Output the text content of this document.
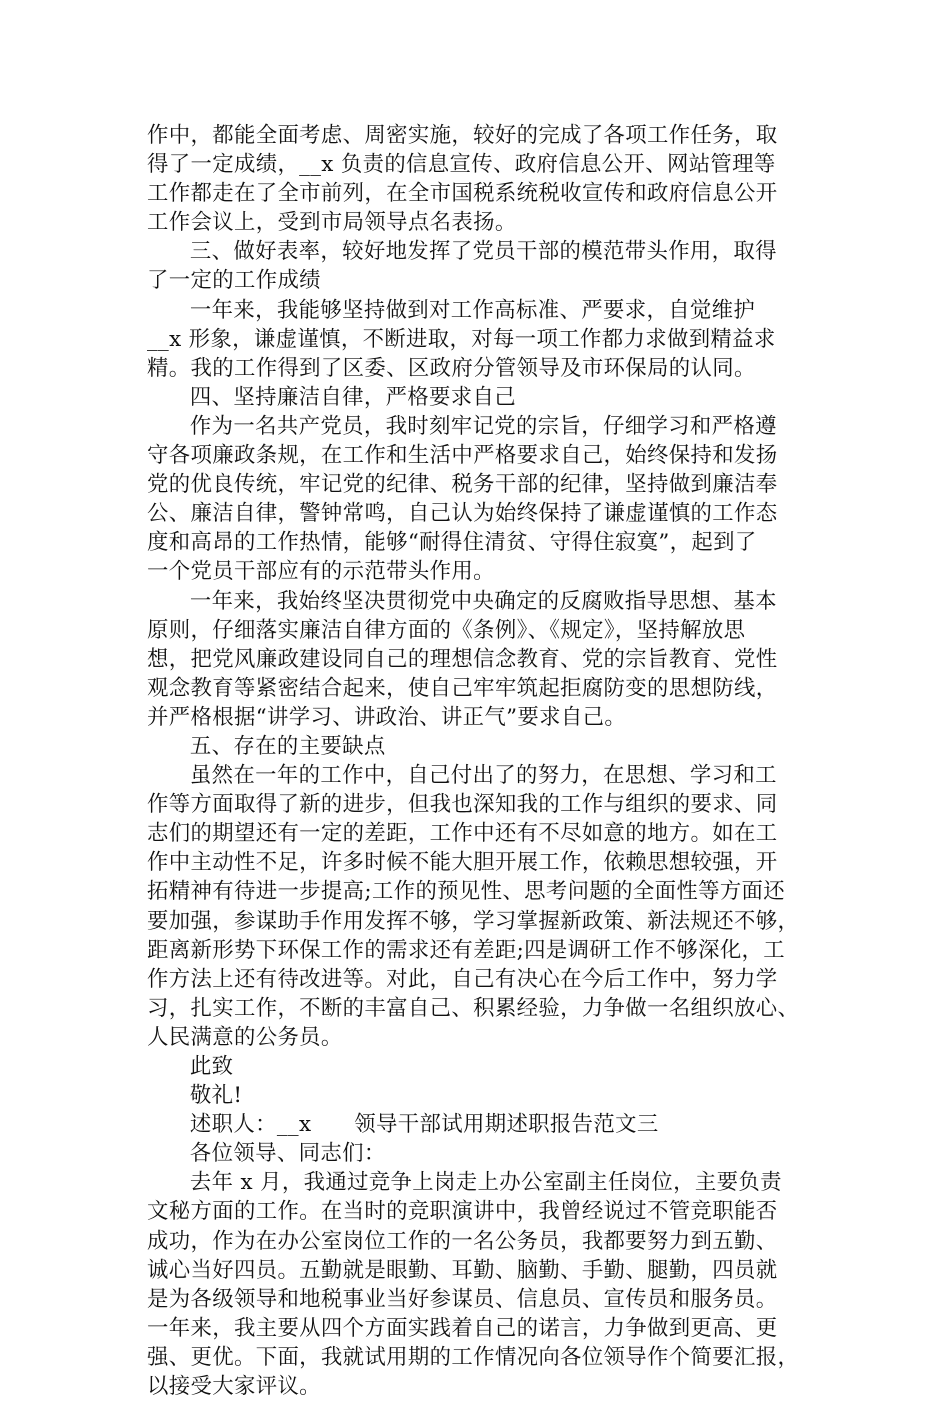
作中，都能全面考虑、周密实施，较好的完成了各项工作任务，取
得了一定成绩，__x 负责的信息宣传、政府信息公开、网站管理等
工作都走在了全市前列，在全市国税系统税收宣传和政府信息公开
工作会议上，受到市局领导点名表扬。
三、做好表率，较好地发挥了党员干部的模范带头作用，取得
了一定的工作成绩
一年来，我能够坚持做到对工作高标准、严要求，自觉维护
__x 形象，谦虚谨慎，不断进取，对每一项工作都力求做到精益求
精。我的工作得到了区委、区政府分管领导及市环保局的认同。
四、坚持廉洁自律，严格要求自己
作为一名共产党员，我时刻牢记党的宗旨，仔细学习和严格遵
守各项廉政条规，在工作和生活中严格要求自己，始终保持和发扬
党的优良传统，牢记党的纪律、税务干部的纪律，坚持做到廉洁奉
公、廉洁自律，警钟常鸣，自己认为始终保持了谦虚谨慎的工作态
度和高昂的工作热情，能够“耐得住清贫、守得住寂寞”，起到了
一个党员干部应有的示范带头作用。
一年来，我始终坚决贯彻党中央确定的反腐败指导思想、基本
原则，仔细落实廉洁自律方面的《条例》、《规定》，坚持解放思
想，把党风廉政建设同自己的理想信念教育、党的宗旨教育、党性
观念教育等紧密结合起来，使自己牢牢筑起拒腐防变的思想防线，
并严格根据“讲学习、讲政治、讲正气”要求自己。
五、存在的主要缺点
虽然在一年的工作中，自己付出了的努力，在思想、学习和工
作等方面取得了新的进步，但我也深知我的工作与组织的要求、同
志们的期望还有一定的差距，工作中还有不尽如意的地方。如在工
作中主动性不足，许多时候不能大胆开展工作，依赖思想较强，开
拓精神有待进一步提高;工作的预见性、思考问题的全面性等方面还
要加强，参谋助手作用发挥不够，学习掌握新政策、新法规还不够，
距离新形势下环保工作的需求还有差距;四是调研工作不够深化，工
作方法上还有待改进等。对此，自己有决心在今后工作中，努力学
习，扎实工作，不断的丰富自己、积累经验，力争做一名组织放心、
人民满意的公务员。
此致
敬礼!
述职人：__x      领导干部试用期述职报告范文三
各位领导、同志们：
去年 x 月，我通过竞争上岗走上办公室副主任岗位，主要负责
文秘方面的工作。在当时的竞职演讲中，我曾经说过不管竞职能否
成功，作为在办公室岗位工作的一名公务员，我都要努力到五勤、
诚心当好四员。五勤就是眼勤、耳勤、脑勤、手勤、腿勤，四员就
是为各级领导和地税事业当好参谋员、信息员、宣传员和服务员。
一年来，我主要从四个方面实践着自己的诺言，力争做到更高、更
强、更优。下面，我就试用期的工作情况向各位领导作个简要汇报，
以接受大家评议。
